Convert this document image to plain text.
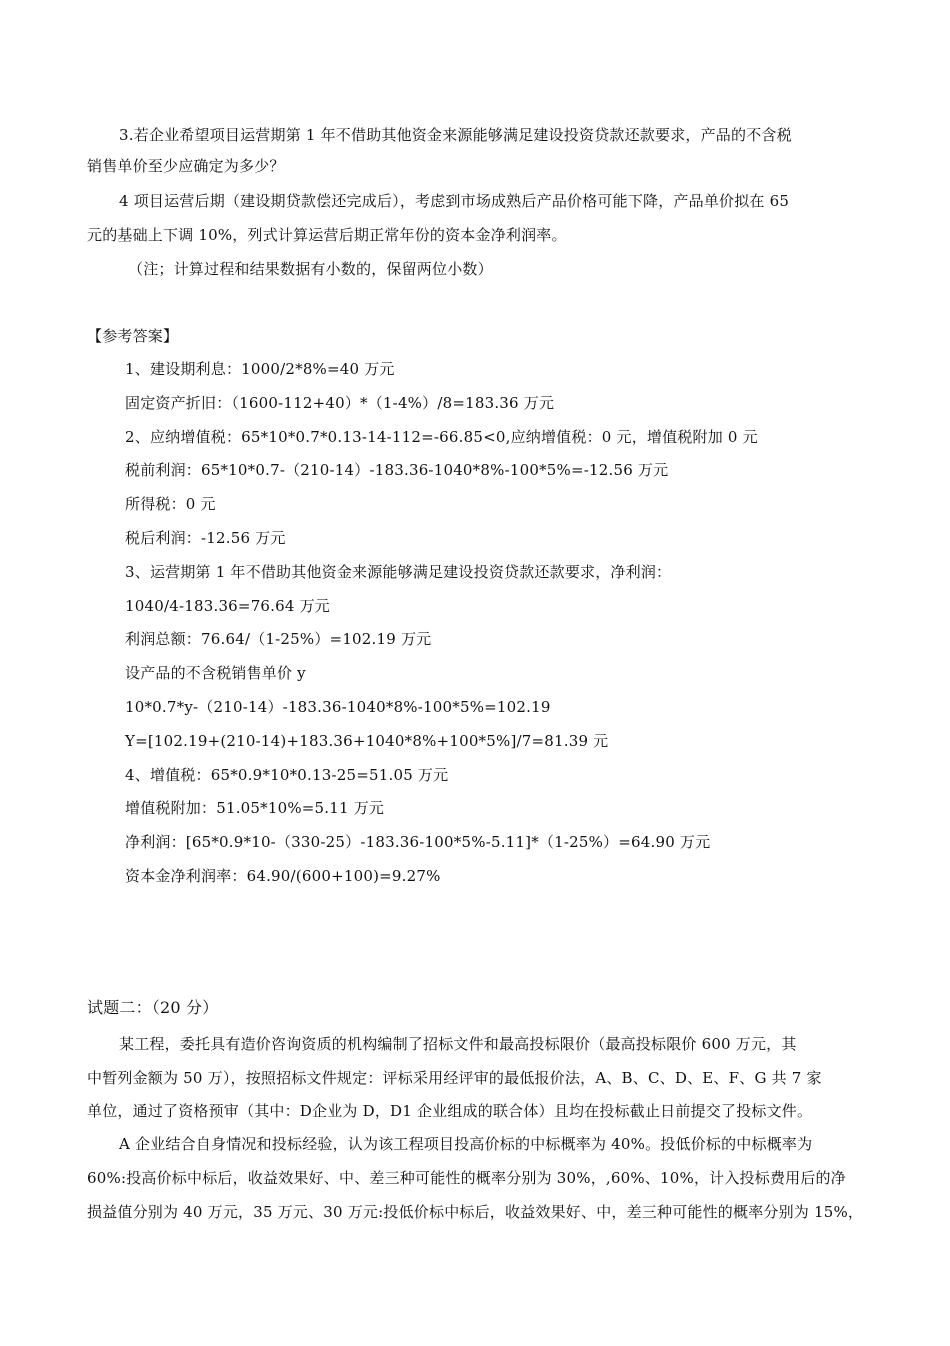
3.若企业希望项目运营期第 1 年不借助其他资金来源能够满足建设投资贷款还款要求，产品的不含税
销售单价至少应确定为多少？
4 项目运营后期（建设期贷款偿还完成后），考虑到市场成熟后产品价格可能下降，产品单价拟在 65
元的基础上下调 10%，列式计算运营后期正常年份的资本金净利润率。
（注；计算过程和结果数据有小数的，保留两位小数）
【参考答案】
1、建设期利息：1000/2*8%=40 万元
固定资产折旧：（1600-112+40）*（1-4%）/8=183.36 万元
2、应纳增值税：65*10*0.7*0.13-14-112=-66.85<0,应纳增值税：0 元，增值税附加 0 元
税前利润：65*10*0.7-（210-14）-183.36-1040*8%-100*5%=-12.56 万元
所得税：0 元
税后利润：-12.56 万元
3、运营期第 1 年不借助其他资金来源能够满足建设投资贷款还款要求，净利润：
1040/4-183.36=76.64 万元
利润总额：76.64/（1-25%）=102.19 万元
设产品的不含税销售单价 y
10*0.7*y-（210-14）-183.36-1040*8%-100*5%=102.19
Y=[102.19+(210-14)+183.36+1040*8%+100*5%]/7=81.39 元
4、增值税：65*0.9*10*0.13-25=51.05 万元
增值税附加：51.05*10%=5.11 万元
净利润：[65*0.9*10-（330-25）-183.36-100*5%-5.11]*（1-25%）=64.90 万元
资本金净利润率：64.90/(600+100)=9.27%
试题二：（20 分）
某工程，委托具有造价咨询资质的机构编制了招标文件和最高投标限价（最高投标限价 600 万元，其
中暂列金额为 50 万），按照招标文件规定：评标采用经评审的最低报价法，A、B、C、D、E、F、G 共 7 家
单位，通过了资格预审（其中：D企业为 D，D1 企业组成的联合体）且均在投标截止日前提交了投标文件。
A 企业结合自身情况和投标经验，认为该工程项目投高价标的中标概率为 40%。投低价标的中标概率为
60%:投高价标中标后，收益效果好、中、差三种可能性的概率分别为 30%，,60%、10%，计入投标费用后的净
损益值分别为 40 万元，35 万元、30 万元:投低价标中标后，收益效果好、中，差三种可能性的概率分别为 15%，
